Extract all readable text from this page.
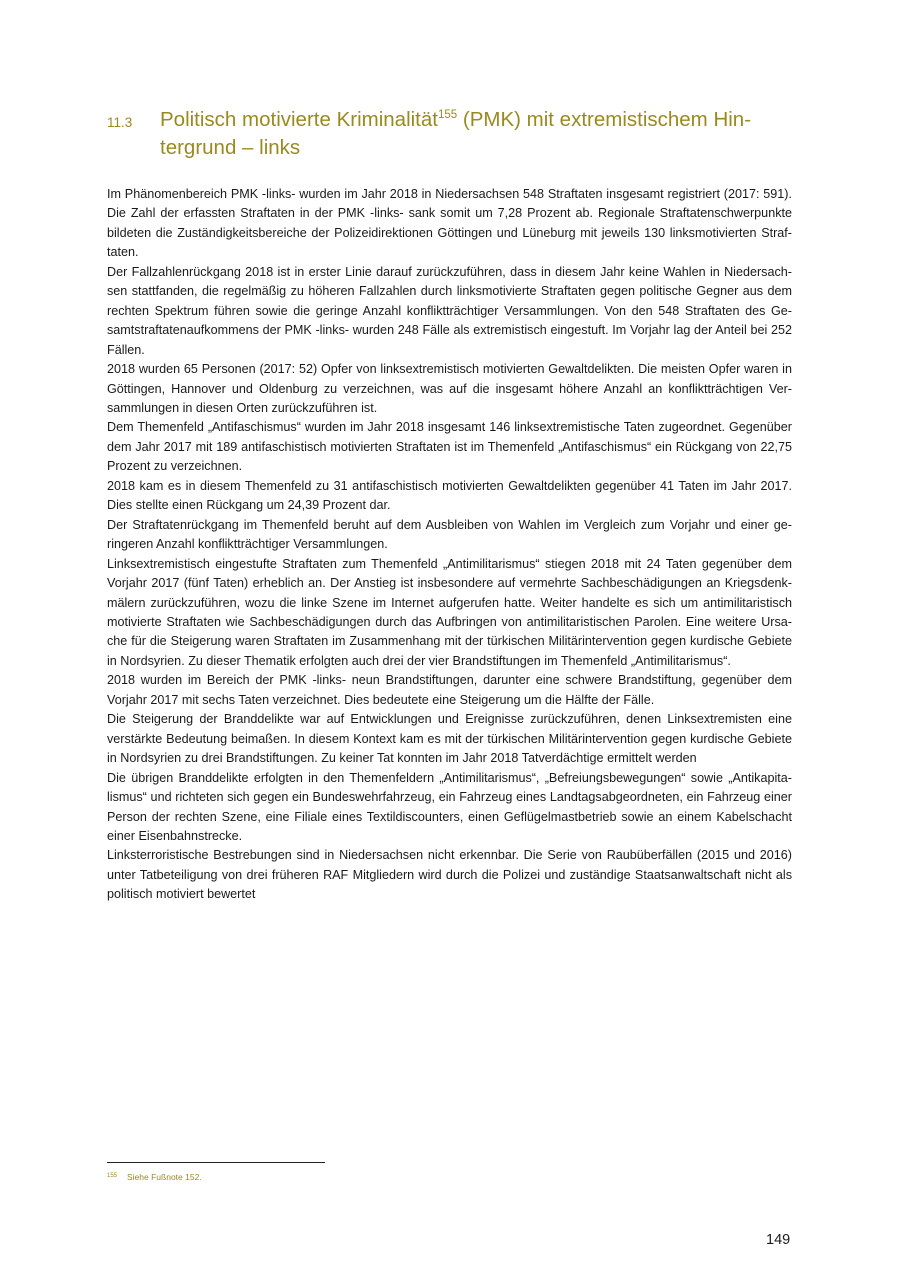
11.3 Politisch motivierte Kriminalität$^{155}$ (PMK) mit extremistischem Hin-
tergrund – links

Im Phänomenbereich PMK -links- wurden im Jahr 2018 in Niedersachsen 548 Straftaten insgesamt registriert (2017: 591). Die Zahl der erfassten Straftaten in der PMK -links- sank somit um 7,28 Prozent ab. Regionale Straftatenschwerpunkte bildeten die Zuständigkeitsbereiche der Polizeidirektionen Göttingen und Lüneburg mit jeweils 130 linksmotivierten Straftaten.

Der Fallzahlenrückgang 2018 ist in erster Linie darauf zurückzuführen, dass in diesem Jahr keine Wahlen in Niedersachsen stattfanden, die regelmäßig zu höheren Fallzahlen durch linksmotivierte Straftaten gegen politische Gegner aus dem rechten Spektrum führen sowie die geringe Anzahl konfliktträchtiger Versammlungen. Von den 548 Straftaten des Gesamtstraftatenaufkommens der PMK -links- wurden 248 Fälle als extremistisch eingestuft. Im Vorjahr lag der Anteil bei 252 Fällen.

2018 wurden 65 Personen (2017: 52) Opfer von linksextremistisch motivierten Gewaltdelikten. Die meisten Opfer waren in Göttingen, Hannover und Oldenburg zu verzeichnen, was auf die insgesamt höhere Anzahl an konfliktträchtigen Versammlungen in diesen Orten zurückzuführen ist.

Dem Themenfeld „Antifaschismus“ wurden im Jahr 2018 insgesamt 146 linksextremistische Taten zugeordnet. Gegenüber dem Jahr 2017 mit 189 antifaschistisch motivierten Straftaten ist im Themenfeld „Antifaschismus“ ein Rückgang von 22,75 Prozent zu verzeichnen.

2018 kam es in diesem Themenfeld zu 31 antifaschistisch motivierten Gewaltdelikten gegenüber 41 Taten im Jahr 2017. Dies stellte einen Rückgang um 24,39 Prozent dar.

Der Straftatenrückgang im Themenfeld beruht auf dem Ausbleiben von Wahlen im Vergleich zum Vorjahr und einer geringeren Anzahl konfliktträchtiger Versammlungen.

Linksextremistisch eingestufte Straftaten zum Themenfeld „Antimilitarismus“ stiegen 2018 mit 24 Taten gegenüber dem Vorjahr 2017 (fünf Taten) erheblich an. Der Anstieg ist insbesondere auf vermehrte Sachbeschädigungen an Kriegsdenkmälern zurückzuführen, wozu die linke Szene im Internet aufgerufen hatte. Weiter handelte es sich um antimilitaristisch motivierte Straftaten wie Sachbeschädigungen durch das Aufbringen von antimilitaristischen Parolen. Eine weitere Ursache für die Steigerung waren Straftaten im Zusammenhang mit der türkischen Militärintervention gegen kurdische Gebiete in Nordsyrien. Zu dieser Thematik erfolgten auch drei der vier Brandstiftungen im Themenfeld „Antimilitarismus“.

2018 wurden im Bereich der PMK -links- neun Brandstiftungen, darunter eine schwere Brandstiftung, gegenüber dem Vorjahr 2017 mit sechs Taten verzeichnet. Dies bedeutete eine Steigerung um die Hälfte der Fälle.

Die Steigerung der Branddelikte war auf Entwicklungen und Ereignisse zurückzuführen, denen Linksextremisten eine verstärkte Bedeutung beimaßen. In diesem Kontext kam es mit der türkischen Militärintervention gegen kurdische Gebiete in Nordsyrien zu drei Brandstiftungen. Zu keiner Tat konnten im Jahr 2018 Tatverdächtige ermittelt werden

Die übrigen Branddelikte erfolgten in den Themenfeldern „Antimilitarismus“, „Befreiungsbewegungen“ sowie „Antikapitalismus“ und richteten sich gegen ein Bundeswehrfahrzeug, ein Fahrzeug eines Landtagsabgeordneten, ein Fahrzeug einer Person der rechten Szene, eine Filiale eines Textildiscounters, einen Geflügelmastbetrieb sowie an einem Kabelschacht einer Eisenbahnstrecke.

Linksterroristische Bestrebungen sind in Niedersachsen nicht erkennbar. Die Serie von Raubüberfällen (2015 und 2016) unter Tatbeteiligung von drei früheren RAF Mitgliedern wird durch die Polizei und zuständige Staatsanwaltschaft nicht als politisch motiviert bewertet

$^{155}$ Siehe Fußnote 152.
149
